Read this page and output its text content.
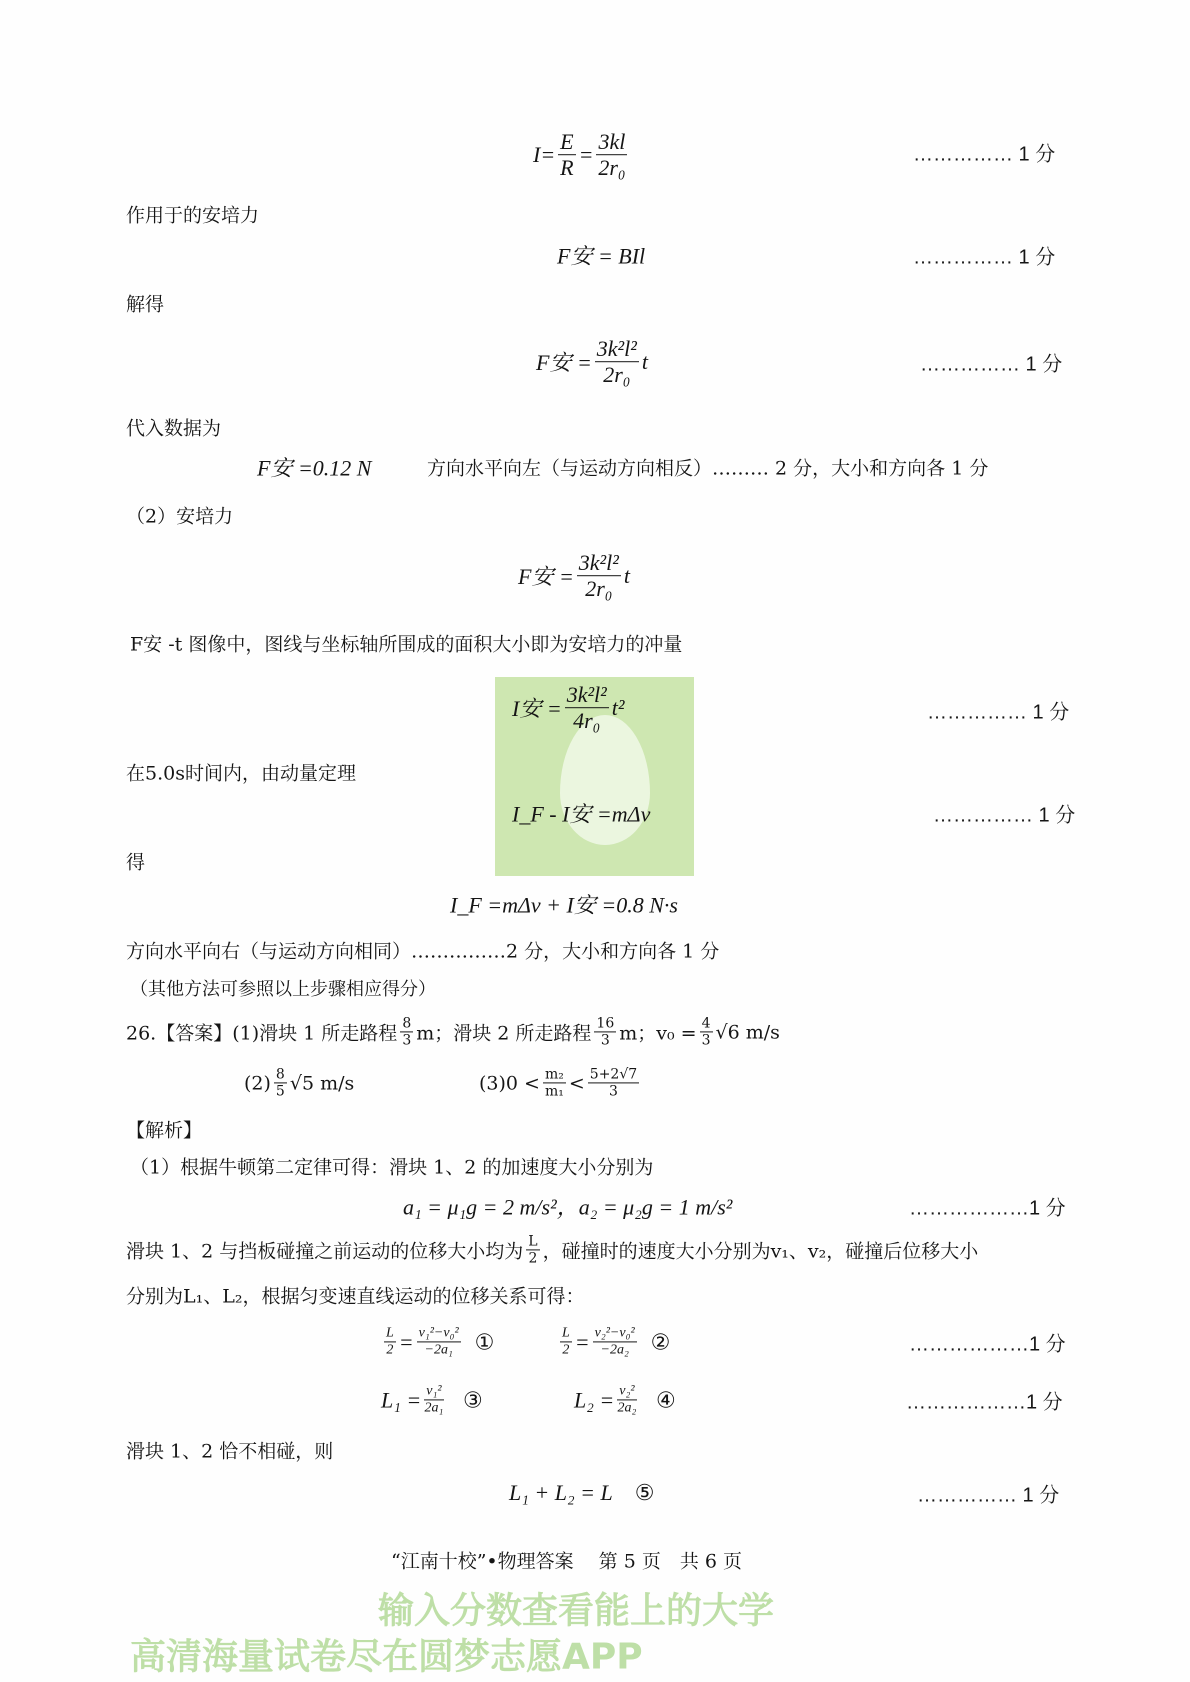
$I= \frac{E}{R} = \frac{3kl}{\text{2r₀}}$	…………… 1 分
作用于的安培力
F安 = BIl	…………… 1 分
解得
F安 = $\frac{\text{3k²l²}}{\text{2r₀}}$ t	…………… 1 分
代入数据为
F安 =0.12 N	方向水平向左（与运动方向相反）……… 2 分，大小和方向各 1 分
（2）安培力
F安 = $\frac{\text{3k²l²}}{\text{2r₀}}$ t
F安 -t 图像中，图线与坐标轴所围成的面积大小即为安培力的冲量
I安 = $\frac{\text{3k²l²}}{\text{4r₀}} t^2$	…………… 1 分
在5.0s时间内，由动量定理
I_F - I安 =mΔv	…………… 1 分
得
I_F =mΔv + I安 =0.8 N·s
方向水平向右（与运动方向相同）……………2 分，大小和方向各 1 分
（其他方法可参照以上步骤相应得分）
26.【答案】(1)滑块 1 所走路程 $\frac{8}{3}$ m；滑块 2 所走路程 $\frac{16}{3}$ m；$v_0 = \frac{4}{3} √6$ m/s
$(2) \frac{8}{5} √5$ m/s	$(3)0 < \frac{\text{m₂}}{\text{m₁}} < \frac{5+2√7}{3}$
【解析】
（1）根据牛顿第二定律可得：滑块 1、2 的加速度大小分别为
a₁ = μ₁g = 2 m/s²，a₂ = μ₂g = 1 m/s²	………………1 分
滑块 1、2 与挡板碰撞之前运动的位移大小均为 $\frac{L}{2}$ ，碰撞时的速度大小分别为v₁、v₂，碰撞后位移大小
分别为L₁、L₂，根据匀变速直线运动的位移关系可得：
$\frac{L}{2} = \frac{\text{v₁²−v₀²}}{\text{−2a₁}}$
①	$\frac{L}{2} = \frac{\text{v₂²−v₀²}}{\text{−2a₂}}$
②	………………1 分
$L_1 = \frac{\text{v₁²}}{\text{2a₁}}$
③	$L_2 = \frac{\text{v₂²}}{\text{2a₂}}$
④	………………1 分
滑块 1、2 恰不相碰，则
L₁ + L₂ = L
⑤	…………… 1 分
“江南十校”•物理答案　 第 5 页　共 6 页
输入分数查看能上的大学
高清海量试卷尽在圆梦志愿APP
